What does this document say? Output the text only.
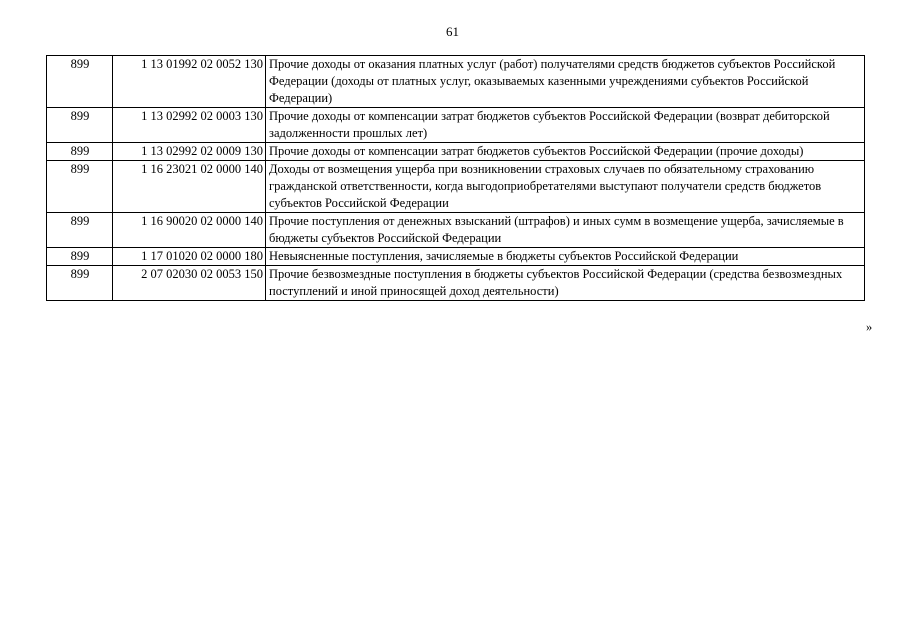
61
899	1 13 01992 02 0052 130	Прочие доходы от оказания платных услуг (работ) получателями средств бюджетов субъектов Российской Федерации (доходы от платных услуг, оказываемых казенными учреждениями субъектов Российской Федерации)
899	1 13 02992 02 0003 130	Прочие доходы от компенсации затрат бюджетов субъектов Российской Федерации (возврат дебиторской задолженности прошлых лет)
899	1 13 02992 02 0009 130	Прочие доходы от компенсации затрат бюджетов субъектов Российской Федерации (прочие доходы)
899	1 16 23021 02 0000 140	Доходы от возмещения ущерба при возникновении страховых случаев по обязательному страхованию гражданской ответственности, когда выгодоприобретателями выступают получатели средств бюджетов субъектов Российской Федерации
899	1 16 90020 02 0000 140	Прочие поступления от денежных взысканий (штрафов) и иных сумм в возмещение ущерба, зачисляемые в бюджеты субъектов Российской Федерации
899	1 17 01020 02 0000 180	Невыясненные поступления, зачисляемые в бюджеты субъектов Российской Федерации
899	2 07 02030 02 0053 150	Прочие безвозмездные поступления в бюджеты субъектов Российской Федерации (средства безвозмездных поступлений и иной приносящей доход деятельности)
»
